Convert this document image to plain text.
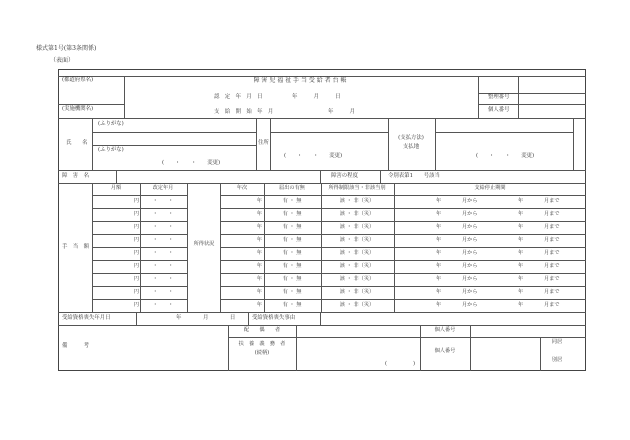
様式第1号(第3条関係)
（表面）
(都道府県名)
(実施機関名)
障 害 児 福 祉 手 当 受 給 者 台 帳
認　定　年　月　日	年　　　月　　　日
支　給　開　始　年　月	年　　　月
整理番号
個人番号
氏　　名
(ふりがな)
(ふりがな)
(　　・　　・　　変更)
住所
(　　・　　・　　変更)
(支払方法)
支払地
(　　・　　・　　変更)
障　害　名	障害の程度	令別表第1　　号該当
手　当　額
月額	改定年月
所得状況
年次	届出の有無	所得制限該当・非該当別	支給停止期間
円	・　　・	年	有 ・ 無	該 ・ 非（災）	年　　　　月から	年　　　　月まで
円	・　　・	年	有 ・ 無	該 ・ 非（災）	年　　　　月から	年　　　　月まで
円	・　　・	年	有 ・ 無	該 ・ 非（災）	年　　　　月から	年　　　　月まで
円	・　　・	年	有 ・ 無	該 ・ 非（災）	年　　　　月から	年　　　　月まで
円	・　　・	年	有 ・ 無	該 ・ 非（災）	年　　　　月から	年　　　　月まで
円	・　　・	年	有 ・ 無	該 ・ 非（災）	年　　　　月から	年　　　　月まで
円	・　　・	年	有 ・ 無	該 ・ 非（災）	年　　　　月から	年　　　　月まで
円	・　　・	年	有 ・ 無	該 ・ 非（災）	年　　　　月から	年　　　　月まで
円	・　　・	年	有 ・ 無	該 ・ 非（災）	年　　　　月から	年　　　　月まで
受給資格喪失年月日	年　　　　月　　　　日	受給資格喪失事由
備　　　考
配　　偶　　者
扶　養　義　務　者
(続柄)
個人番号
個人番号
(　　　　　)
同居
別居
